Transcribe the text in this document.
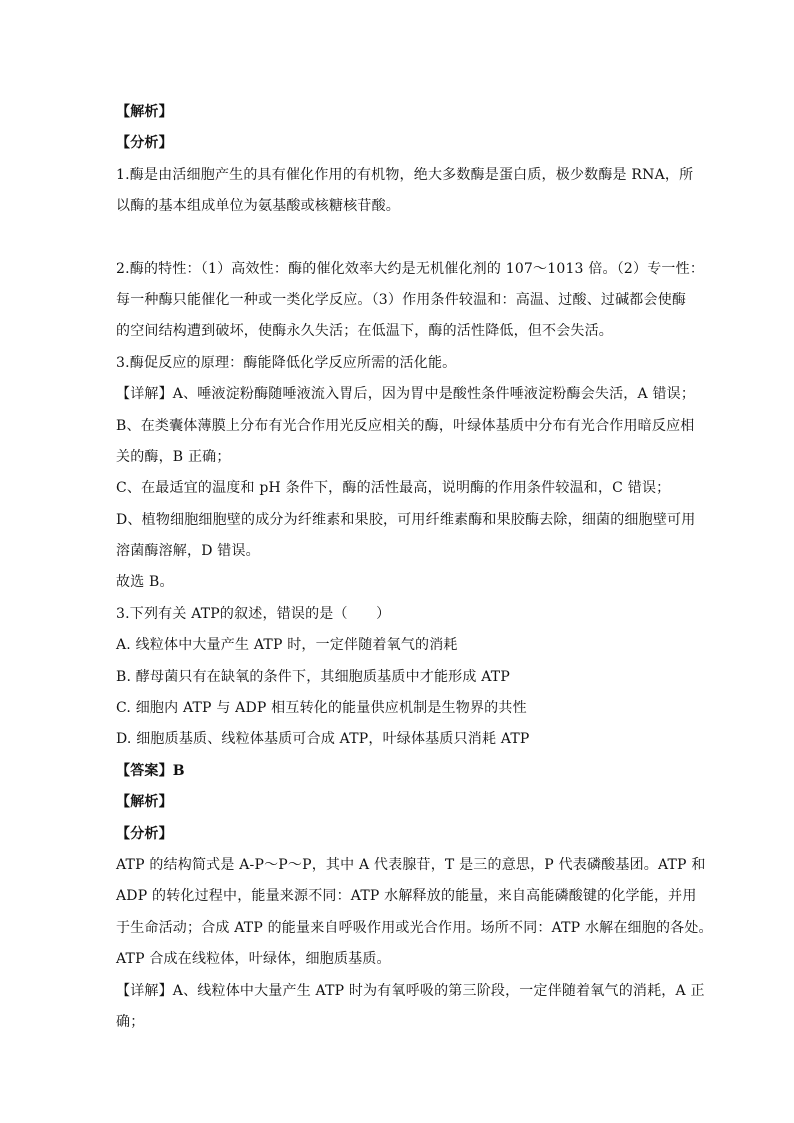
【解析】
【分析】
1.酶是由活细胞产生的具有催化作用的有机物，绝大多数酶是蛋白质，极少数酶是 RNA，所
以酶的基本组成单位为氨基酸或核糖核苷酸。
2.酶的特性：（1）高效性：酶的催化效率大约是无机催化剂的 107～1013 倍。（2）专一性：
每一种酶只能催化一种或一类化学反应。（3）作用条件较温和：高温、过酸、过碱都会使酶
的空间结构遭到破坏，使酶永久失活；在低温下，酶的活性降低，但不会失活。
3.酶促反应的原理：酶能降低化学反应所需的活化能。
【详解】A、唾液淀粉酶随唾液流入胃后，因为胃中是酸性条件唾液淀粉酶会失活，A 错误；
B、在类囊体薄膜上分布有光合作用光反应相关的酶，叶绿体基质中分布有光合作用暗反应相
关的酶，B 正确；
C、在最适宜的温度和 pH 条件下，酶的活性最高，说明酶的作用条件较温和，C 错误；
D、植物细胞细胞壁的成分为纤维素和果胶，可用纤维素酶和果胶酶去除，细菌的细胞壁可用
溶菌酶溶解，D 错误。
故选 B。
3.下列有关 ATP的叙述，错误的是（　　）
A. 线粒体中大量产生 ATP 时，一定伴随着氧气的消耗
B. 酵母菌只有在缺氧的条件下，其细胞质基质中才能形成 ATP
C. 细胞内 ATP 与 ADP 相互转化的能量供应机制是生物界的共性
D. 细胞质基质、线粒体基质可合成 ATP，叶绿体基质只消耗 ATP
【答案】B
【解析】
【分析】
ATP 的结构简式是 A-P～P～P，其中 A 代表腺苷，T 是三的意思，P 代表磷酸基团。ATP 和
ADP 的转化过程中，能量来源不同：ATP 水解释放的能量，来自高能磷酸键的化学能，并用
于生命活动；合成 ATP 的能量来自呼吸作用或光合作用。场所不同：ATP 水解在细胞的各处。
ATP 合成在线粒体，叶绿体，细胞质基质。
【详解】A、线粒体中大量产生 ATP 时为有氧呼吸的第三阶段，一定伴随着氧气的消耗，A 正
确；
